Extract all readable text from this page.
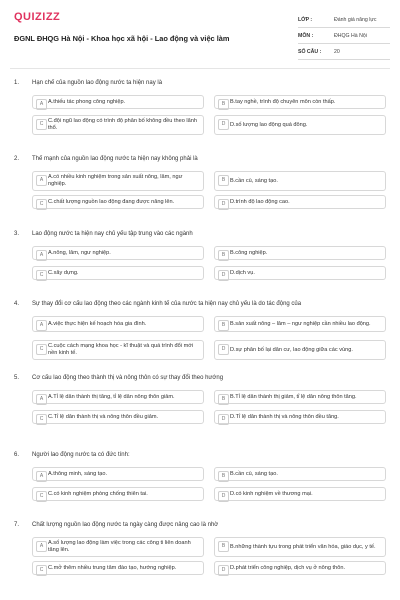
QUIZIZZ
ĐGNL ĐHQG Hà Nội - Khoa học xã hội - Lao động và việc làm
LỚP :	Đánh giá năng lực
MÔN :	ĐHQG Hà Nội
SỐ CÂU :	20
1. Hạn chế của nguồn lao động nước ta hiện nay là
A A.thiếu tác phong công nghiệp.	B B.tay nghề, trình độ chuyên môn còn thấp.
C C.đội ngũ lao động có trình độ phân bố không đều theo lãnh thổ.
D D.số lượng lao động quá đông.
2. Thế mạnh của nguồn lao động nước ta hiện nay không phải là
A A.có nhiều kinh nghiệm trong sản xuất nông, lâm, ngư nghiệp.
B B.cần cù, sáng tạo.
C C.chất lượng nguồn lao động đang được nâng lên.	D D.trình độ lao động cao.
3. Lao động nước ta hiện nay chủ yếu tập trung vào các ngành
A A.nông, lâm, ngư nghiệp.	B B.công nghiệp.
C C.xây dựng.	D D.dịch vụ.
4. Sự thay đổi cơ cấu lao động theo các ngành kinh tế của nước ta hiện nay chủ yếu là do tác động của
A A.việc thực hiện kế hoạch hóa gia đình.	B B.sản xuất nông – lâm – ngư nghiệp cần nhiều lao động.
C C.cuộc cách mạng khoa học - kĩ thuật và quá trình đổi mới nền kinh tế.
D D.sự phân bố lại dân cư, lao động giữa các vùng.
5. Cơ cấu lao động theo thành thị và nông thôn có sự thay đổi theo hướng
A A.Tỉ lệ dân thành thị tăng, tỉ lệ dân nông thôn giảm.	B B.Tỉ lệ dân thành thị giảm, tỉ lệ dân nông thôn tăng.
C C.Tỉ lệ dân thành thị và nông thôn đều giảm.	D D.Tỉ lệ dân thành thị và nông thôn đều tăng.
6. Người lao động nước ta có đức tính:
A A.thông minh, sáng tạo.	B B.cần cù, sáng tạo.
C C.có kinh nghiệm phòng chống thiên tai.	D D.có kinh nghiệm về thương mại.
7. Chất lượng nguồn lao động nước ta ngày càng được nâng cao là nhờ
A A.số lượng lao động làm việc trong các công ti liên doanh tăng lên.
B B.những thành tựu trong phát triển văn hóa, giáo dục, y tế.
C C.mở thêm nhiều trung tâm đào tạo, hướng nghiệp.	D D.phát triển công nghiệp, dịch vụ ở nông thôn.
